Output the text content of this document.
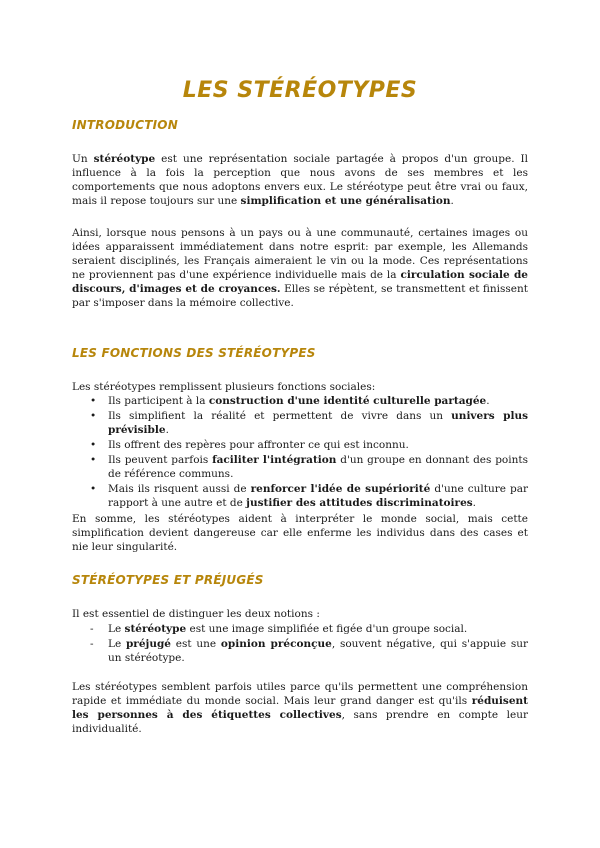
LES STÉRÉOTYPES
INTRODUCTION
Un stéréotype est une représentation sociale partagée à propos d'un groupe. Il influence à la fois la perception que nous avons de ses membres et les comportements que nous adoptons envers eux. Le stéréotype peut être vrai ou faux, mais il repose toujours sur une simplification et une généralisation.
Ainsi, lorsque nous pensons à un pays ou à une communauté, certaines images ou idées apparaissent immédiatement dans notre esprit: par exemple, les Allemands seraient disciplinés, les Français aimeraient le vin ou la mode. Ces représentations ne proviennent pas d'une expérience individuelle mais de la circulation sociale de discours, d'images et de croyances. Elles se répètent, se transmettent et finissent par s'imposer dans la mémoire collective.
LES FONCTIONS DES STÉRÉOTYPES
Les stéréotypes remplissent plusieurs fonctions sociales:
• Ils participent à la construction d'une identité culturelle partagée.
• Ils simplifient la réalité et permettent de vivre dans un univers plus prévisible.
• Ils offrent des repères pour affronter ce qui est inconnu.
• Ils peuvent parfois faciliter l'intégration d'un groupe en donnant des points de référence communs.
• Mais ils risquent aussi de renforcer l'idée de supériorité d'une culture par rapport à une autre et de justifier des attitudes discriminatoires.
En somme, les stéréotypes aident à interpréter le monde social, mais cette simplification devient dangereuse car elle enferme les individus dans des cases et nie leur singularité.
STÉRÉOTYPES ET PRÉJUGÉS
Il est essentiel de distinguer les deux notions :
- Le stéréotype est une image simplifiée et figée d'un groupe social.
- Le préjugé est une opinion préconçue, souvent négative, qui s'appuie sur un stéréotype.
Les stéréotypes semblent parfois utiles parce qu'ils permettent une compréhension rapide et immédiate du monde social. Mais leur grand danger est qu'ils réduisent les personnes à des étiquettes collectives, sans prendre en compte leur individualité.
